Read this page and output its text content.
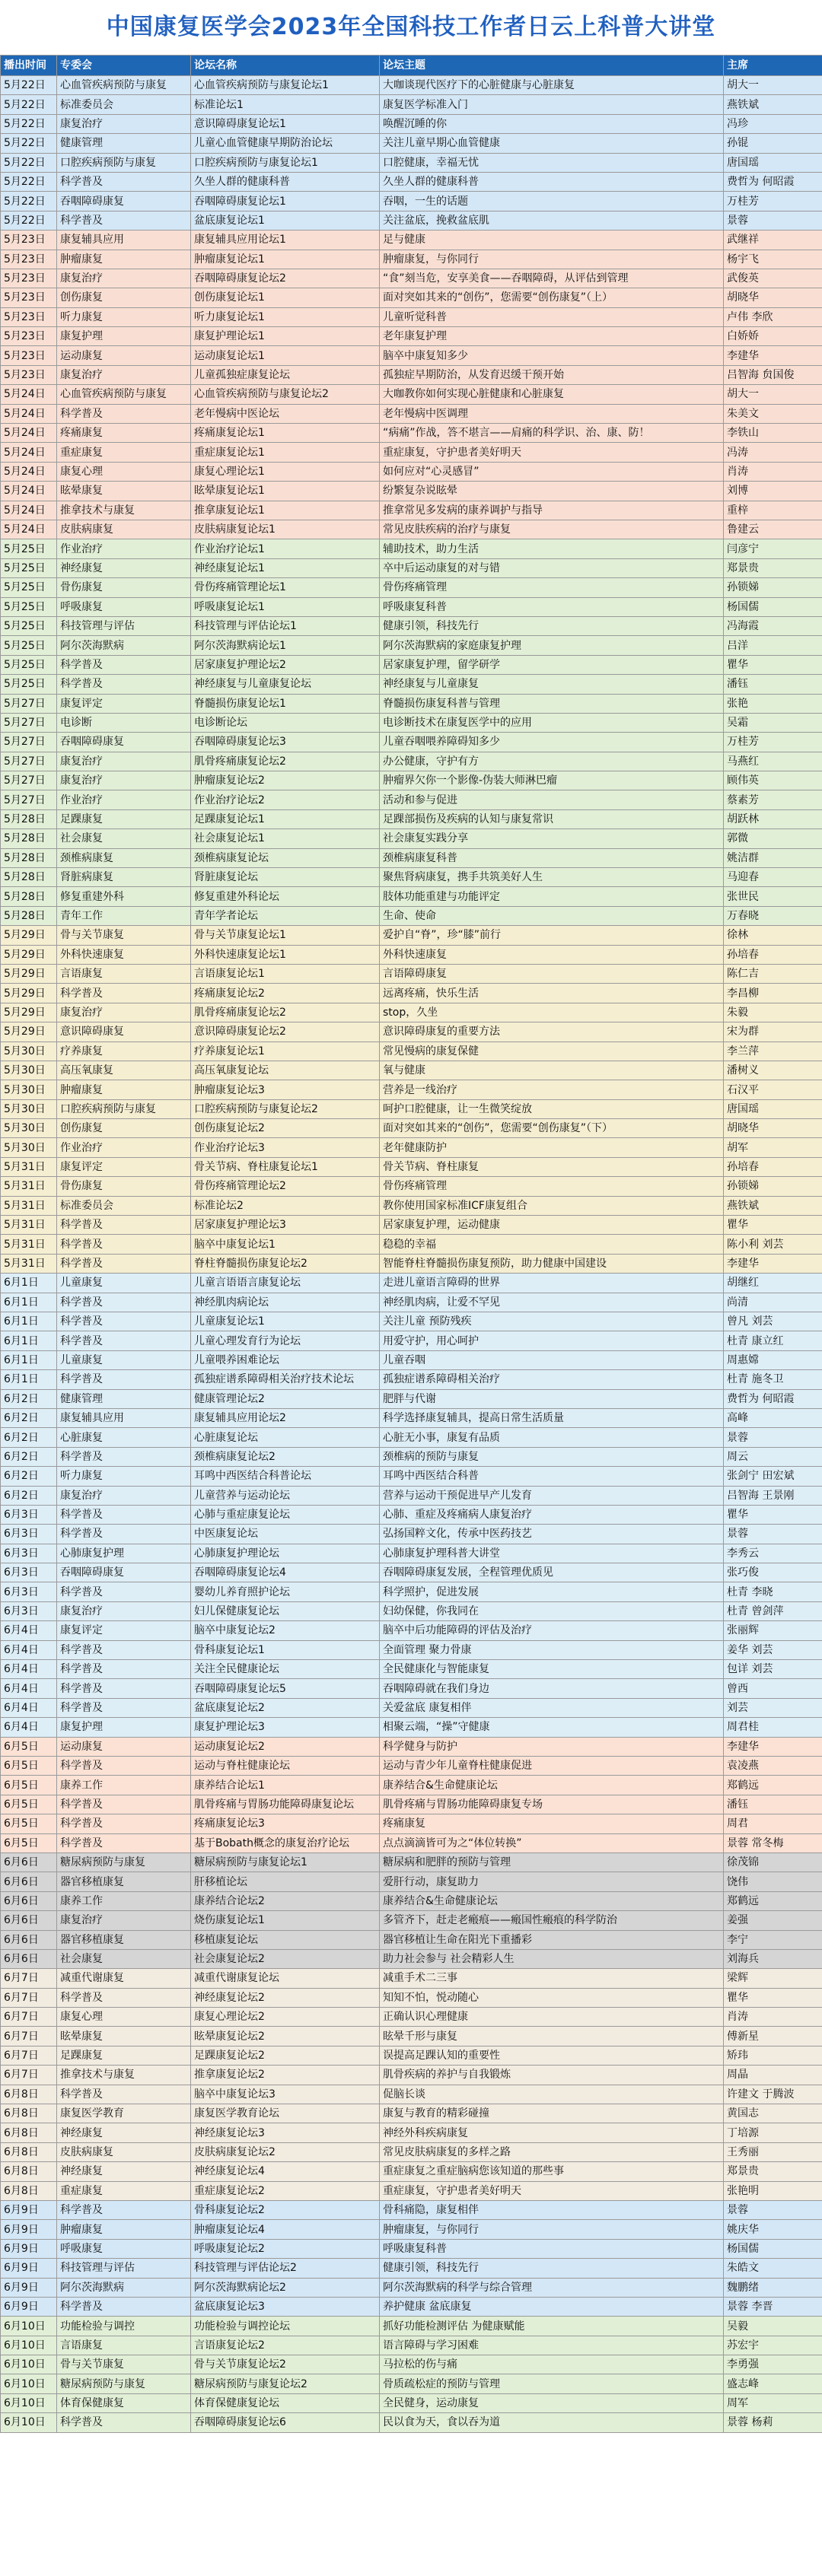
中国康复医学会2023年全国科技工作者日云上科普大讲堂
播出时间	专委会	论坛名称	论坛主题	主席
5月22日	心血管疾病预防与康复	心血管疾病预防与康复论坛1	大咖谈现代医疗下的心脏健康与心脏康复	胡大一
5月22日	标准委员会	标准论坛1	康复医学标准入门	燕铁斌
5月22日	康复治疗	意识障碍康复论坛1	唤醒沉睡的你	冯珍
5月22日	健康管理	儿童心血管健康早期防治论坛	关注儿童早期心血管健康	孙锟
5月22日	口腔疾病预防与康复	口腔疾病预防与康复论坛1	口腔健康，幸福无忧	唐国瑶
5月22日	科学普及	久坐人群的健康科普	久坐人群的健康科普	费哲为 何昭霞
5月22日	吞咽障碍康复	吞咽障碍康复论坛1	吞咽，一生的话题	万桂芳
5月22日	科学普及	盆底康复论坛1	关注盆底，挽救盆底肌	景蓉
5月23日	康复辅具应用	康复辅具应用论坛1	足与健康	武继祥
5月23日	肿瘤康复	肿瘤康复论坛1	肿瘤康复，与你同行	杨宇飞
5月23日	康复治疗	吞咽障碍康复论坛2	“食”刻当危，安享美食——吞咽障碍，从评估到管理	武俊英
5月23日	创伤康复	创伤康复论坛1	面对突如其来的“创伤”，您需要“创伤康复”（上）	胡晓华
5月23日	听力康复	听力康复论坛1	儿童听觉科普	卢伟 李欣
5月23日	康复护理	康复护理论坛1	老年康复护理	白娇娇
5月23日	运动康复	运动康复论坛1	脑卒中康复知多少	李建华
5月23日	康复治疗	儿童孤独症康复论坛	孤独症早期防治，从发育迟缓干预开始	吕智海 贠国俊
5月24日	心血管疾病预防与康复	心血管疾病预防与康复论坛2	大咖教你如何实现心脏健康和心脏康复	胡大一
5月24日	科学普及	老年慢病中医论坛	老年慢病中医调理	朱美文
5月24日	疼痛康复	疼痛康复论坛1	“病痛”作战，答不堪言——肩痛的科学识、治、康、防！	李铁山
5月24日	重症康复	重症康复论坛1	重症康复，守护患者美好明天	冯涛
5月24日	康复心理	康复心理论坛1	如何应对“心灵感冒”	肖涛
5月24日	眩晕康复	眩晕康复论坛1	纷繁复杂说眩晕	刘博
5月24日	推拿技术与康复	推拿康复论坛1	推拿常见多发病的康养调护与指导	重梓
5月24日	皮肤病康复	皮肤病康复论坛1	常见皮肤疾病的治疗与康复	鲁建云
5月25日	作业治疗	作业治疗论坛1	辅助技术，助力生活	闫彦宁
5月25日	神经康复	神经康复论坛1	卒中后运动康复的对与错	郑景贵
5月25日	骨伤康复	骨伤疼痛管理论坛1	骨伤疼痛管理	孙锁娣
5月25日	呼吸康复	呼吸康复论坛1	呼吸康复科普	杨国儒
5月25日	科技管理与评估	科技管理与评估论坛1	健康引领，科技先行	冯海霞
5月25日	阿尔茨海默病	阿尔茨海默病论坛1	阿尔茨海默病的家庭康复护理	吕洋
5月25日	科学普及	居家康复护理论坛2	居家康复护理，留学研学	瞿华
5月25日	科学普及	神经康复与儿童康复论坛	神经康复与儿童康复	潘钰
5月27日	康复评定	脊髓损伤康复论坛1	脊髓损伤康复科普与管理	张艳
5月27日	电诊断	电诊断论坛	电诊断技术在康复医学中的应用	吴霜
5月27日	吞咽障碍康复	吞咽障碍康复论坛3	儿童吞咽喂养障碍知多少	万桂芳
5月27日	康复治疗	肌骨疼痛康复论坛2	办公健康，守护有方	马燕红
5月27日	康复治疗	肿瘤康复论坛2	肿瘤界欠你一个影像-伪装大师淋巴瘤	顾伟英
5月27日	作业治疗	作业治疗论坛2	活动和参与促进	蔡素芳
5月28日	足踝康复	足踝康复论坛1	足踝部损伤及疾病的认知与康复常识	胡跃林
5月28日	社会康复	社会康复论坛1	社会康复实践分享	郭微
5月28日	颈椎病康复	颈椎病康复论坛	颈椎病康复科普	姚洁群
5月28日	肾脏病康复	肾脏康复论坛	聚焦肾病康复，携手共筑美好人生	马迎春
5月28日	修复重建外科	修复重建外科论坛	肢体功能重建与功能评定	张世民
5月28日	青年工作	青年学者论坛	生命、使命	万春晓
5月29日	骨与关节康复	骨与关节康复论坛1	爱护自“脊”，珍“膝”前行	徐林
5月29日	外科快速康复	外科快速康复论坛1	外科快速康复	孙培春
5月29日	言语康复	言语康复论坛1	言语障碍康复	陈仁吉
5月29日	科学普及	疼痛康复论坛2	远离疼痛，快乐生活	李昌柳
5月29日	康复治疗	肌骨疼痛康复论坛2	stop，久坐	朱毅
5月29日	意识障碍康复	意识障碍康复论坛2	意识障碍康复的重要方法	宋为群
5月30日	疗养康复	疗养康复论坛1	常见慢病的康复保健	李兰萍
5月30日	高压氧康复	高压氧康复论坛	氧与健康	潘树义
5月30日	肿瘤康复	肿瘤康复论坛3	营养是一线治疗	石汉平
5月30日	口腔疾病预防与康复	口腔疾病预防与康复论坛2	呵护口腔健康，让一生微笑绽放	唐国瑶
5月30日	创伤康复	创伤康复论坛2	面对突如其来的“创伤”，您需要“创伤康复”（下）	胡晓华
5月30日	作业治疗	作业治疗论坛3	老年健康防护	胡军
5月31日	康复评定	骨关节病、脊柱康复论坛1	骨关节病、脊柱康复	孙培春
5月31日	骨伤康复	骨伤疼痛管理论坛2	骨伤疼痛管理	孙锁娣
5月31日	标准委员会	标准论坛2	教你使用国家标准ICF康复组合	燕铁斌
5月31日	科学普及	居家康复护理论坛3	居家康复护理，运动健康	瞿华
5月31日	科学普及	脑卒中康复论坛1	稳稳的幸福	陈小利 刘芸
5月31日	科学普及	脊柱脊髓损伤康复论坛2	智能脊柱脊髓损伤康复预防，助力健康中国建设	李建华
6月1日	儿童康复	儿童言语语言康复论坛	走进儿童语言障碍的世界	胡继红
6月1日	科学普及	神经肌肉病论坛	神经肌肉病，让爱不罕见	尚清
6月1日	科学普及	儿童康复论坛1	关注儿童 预防残疾	曾凡 刘芸
6月1日	科学普及	儿童心理发育行为论坛	用爱守护，用心呵护	杜青 康立红
6月1日	儿童康复	儿童喂养困难论坛	儿童吞咽	周惠嫦
6月1日	科学普及	孤独症谱系障碍相关治疗技术论坛	孤独症谱系障碍相关治疗	杜青 施冬卫
6月2日	健康管理	健康管理论坛2	肥胖与代谢	费哲为 何昭霞
6月2日	康复辅具应用	康复辅具应用论坛2	科学选择康复辅具，提高日常生活质量	高峰
6月2日	心脏康复	心脏康复论坛	心脏无小事，康复有品质	景蓉
6月2日	科学普及	颈椎病康复论坛2	颈椎病的预防与康复	周云
6月2日	听力康复	耳鸣中西医结合科普论坛	耳鸣中西医结合科普	张剑宁 田宏斌
6月2日	康复治疗	儿童营养与运动论坛	营养与运动干预促进早产儿发育	吕智海 王景刚
6月3日	科学普及	心肺与重症康复论坛	心肺、重症及疼痛病人康复治疗	瞿华
6月3日	科学普及	中医康复论坛	弘扬国粹文化，传承中医药技艺	景蓉
6月3日	心肺康复护理	心肺康复护理论坛	心肺康复护理科普大讲堂	李秀云
6月3日	吞咽障碍康复	吞咽障碍康复论坛4	吞咽障碍康复发展，全程管理优质见	张巧俊
6月3日	科学普及	婴幼儿养育照护论坛	科学照护，促进发展	杜青 李晓
6月3日	康复治疗	妇儿保健康复论坛	妇幼保健，你我同在	杜青 曾剑萍
6月4日	康复评定	脑卒中康复论坛2	脑卒中后功能障碍的评估及治疗	张丽辉
6月4日	科学普及	骨科康复论坛1	全面管理 聚力骨康	姜华 刘芸
6月4日	科学普及	关注全民健康论坛	全民健康化与智能康复	包详 刘芸
6月4日	科学普及	吞咽障碍康复论坛5	吞咽障碍就在我们身边	曾西
6月4日	科学普及	盆底康复论坛2	关爱盆底 康复相伴	刘芸
6月4日	康复护理	康复护理论坛3	相聚云端，“操”守健康	周君桂
6月5日	运动康复	运动康复论坛2	科学健身与防护	李建华
6月5日	科学普及	运动与脊柱健康论坛	运动与青少年儿童脊柱健康促进	袁凌燕
6月5日	康养工作	康养结合论坛1	康养结合&生命健康论坛	郑鹤远
6月5日	科学普及	肌骨疼痛与胃肠功能障碍康复论坛	肌骨疼痛与胃肠功能障碍康复专场	潘钰
6月5日	科学普及	疼痛康复论坛3	疼痛康复	周君
6月5日	科学普及	基于Bobath概念的康复治疗论坛	点点滴滴皆可为之“体位转换”	景蓉 常冬梅
6月6日	糖尿病预防与康复	糖尿病预防与康复论坛1	糖尿病和肥胖的预防与管理	徐茂锦
6月6日	器官移植康复	肝移植论坛	爱肝行动，康复助力	饶伟
6月6日	康养工作	康养结合论坛2	康养结合&生命健康论坛	郑鹤远
6月6日	康复治疗	烧伤康复论坛1	多管齐下，赶走老瘢痕——瘢国性瘢痕的科学防治	姜强
6月6日	器官移植康复	移植康复论坛	器官移植让生命在阳光下重播彩	李宁
6月6日	社会康复	社会康复论坛2	助力社会参与 社会精彩人生	刘海兵
6月7日	减重代谢康复	减重代谢康复论坛	减重手术二三事	梁辉
6月7日	科学普及	神经康复论坛2	知知不怕，悦动随心	瞿华
6月7日	康复心理	康复心理论坛2	正确认识心理健康	肖涛
6月7日	眩晕康复	眩晕康复论坛2	眩晕千形与康复	傅新星
6月7日	足踝康复	足踝康复论坛2	误提高足踝认知的重要性	矫玮
6月7日	推拿技术与康复	推拿康复论坛2	肌骨疾病的养护与自我锻炼	周晶
6月8日	科学普及	脑卒中康复论坛3	促脑长谈	许建文 于腾波
6月8日	康复医学教育	康复医学教育论坛	康复与教育的精彩碰撞	黄国志
6月8日	神经康复	神经康复论坛3	神经外科疾病康复	丁培源
6月8日	皮肤病康复	皮肤病康复论坛2	常见皮肤病康复的多样之路	王秀丽
6月8日	神经康复	神经康复论坛4	重症康复之重症脑病您该知道的那些事	郑景贵
6月8日	重症康复	重症康复论坛2	重症康复，守护患者美好明天	张艳明
6月9日	科学普及	骨科康复论坛2	骨科痛隐，康复相伴	景蓉
6月9日	肿瘤康复	肿瘤康复论坛4	肿瘤康复，与你同行	姚庆华
6月9日	呼吸康复	呼吸康复论坛2	呼吸康复科普	杨国儒
6月9日	科技管理与评估	科技管理与评估论坛2	健康引领，科技先行	朱皓文
6月9日	阿尔茨海默病	阿尔茨海默病论坛2	阿尔茨海默病的科学与综合管理	魏鹏绪
6月9日	科学普及	盆底康复论坛3	养护健康 盆底康复	景蓉 李晋
6月10日	功能检验与调控	功能检验与调控论坛	抓好功能检测评估 为健康赋能	吴毅
6月10日	言语康复	言语康复论坛2	语言障碍与学习困难	苏宏宇
6月10日	骨与关节康复	骨与关节康复论坛2	马拉松的伤与痛	李勇强
6月10日	糖尿病预防与康复	糖尿病预防与康复论坛2	骨质疏松症的预防与管理	盛志峰
6月10日	体育保健康复	体育保健康复论坛	全民健身，运动康复	周军
6月10日	科学普及	吞咽障碍康复论坛6	民以食为天，食以吞为道	景蓉 杨莉
